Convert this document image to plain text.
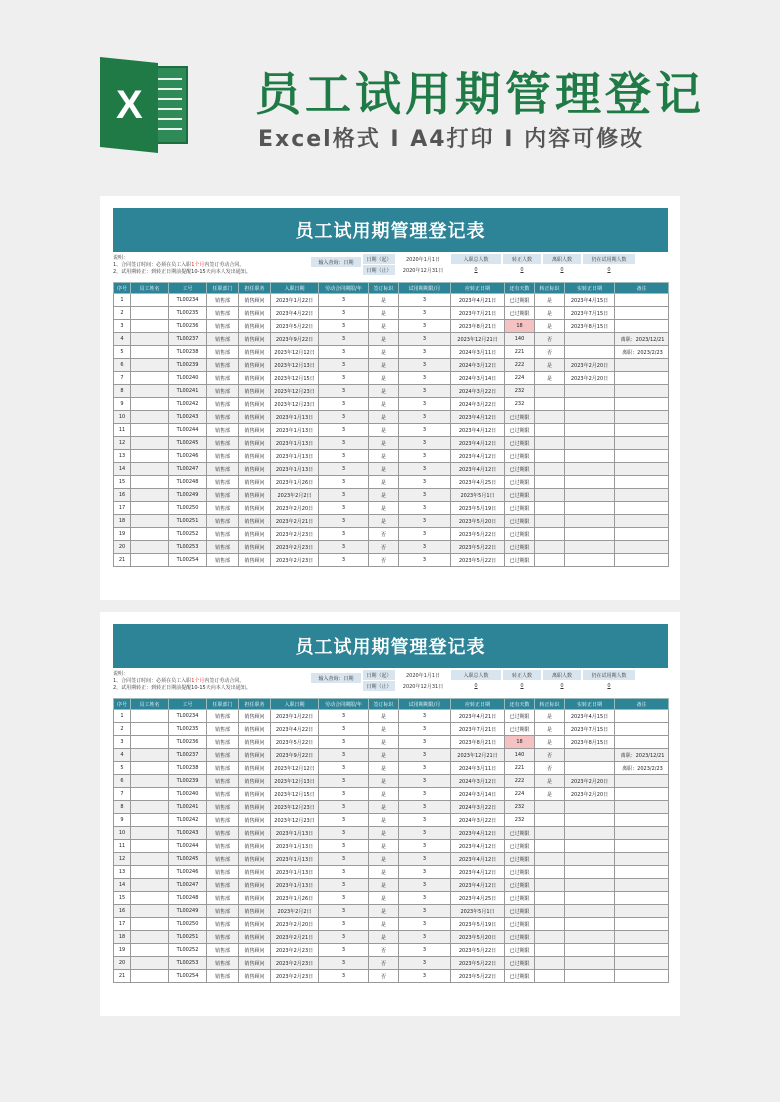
X 员工试用期管理登记
Excel格式 I A4打印 I 内容可修改
员工试用期管理登记表
说明：
1、合同签订时间：必须在员工入职1个月内签订劳动合同。
2、试用期转正：到转正日期前提醒10-15天向本人发出通知。
输入查询：日期	日期（起）
日期（止）
2020年1月1日
2020年12月31日
入职总人数
0
转正人数
0
离职人数
0
仍在试用期人数
0
序号	员工姓名	工号	任职部门	担任职务	入职日期	劳动合同期限/年	签订标识	试用期期限/月	应转正日期	还有天数	转正标识	实转正日期	备注
1		TL00234	销售部	销售顾问	2023年1月22日	3	是	3	2023年4月21日	已过期限	是	2023年4月15日	
2		TL00235	销售部	销售顾问	2023年4月22日	3	是	3	2023年7月21日	已过期限	是	2023年7月15日	
3		TL00236	销售部	销售顾问	2023年5月22日	3	是	3	2023年8月21日	18	是	2023年8月15日	
4		TL00237	销售部	销售顾问	2023年9月22日	3	是	3	2023年12月21日	140	否		离职：2023/12/21
5		TL00238	销售部	销售顾问	2023年12月12日	3	是	3	2024年3月11日	221	否		离职：2023/2/23
6		TL00239	销售部	销售顾问	2023年12月13日	3	是	3	2024年3月12日	222	是	2023年2月20日	
7		TL00240	销售部	销售顾问	2023年12月15日	3	是	3	2024年3月14日	224	是	2023年2月20日	
8		TL00241	销售部	销售顾问	2023年12月23日	3	是	3	2024年3月22日	232			
9		TL00242	销售部	销售顾问	2023年12月23日	3	是	3	2024年3月22日	232			
10		TL00243	销售部	销售顾问	2023年1月13日	3	是	3	2023年4月12日	已过期限			
11		TL00244	销售部	销售顾问	2023年1月13日	3	是	3	2023年4月12日	已过期限			
12		TL00245	销售部	销售顾问	2023年1月13日	3	是	3	2023年4月12日	已过期限			
13		TL00246	销售部	销售顾问	2023年1月13日	3	是	3	2023年4月12日	已过期限			
14		TL00247	销售部	销售顾问	2023年1月13日	3	是	3	2023年4月12日	已过期限			
15		TL00248	销售部	销售顾问	2023年1月26日	3	是	3	2023年4月25日	已过期限			
16		TL00249	销售部	销售顾问	2023年2月2日	3	是	3	2023年5月1日	已过期限			
17		TL00250	销售部	销售顾问	2023年2月20日	3	是	3	2023年5月19日	已过期限			
18		TL00251	销售部	销售顾问	2023年2月21日	3	是	3	2023年5月20日	已过期限			
19		TL00252	销售部	销售顾问	2023年2月23日	3	否	3	2023年5月22日	已过期限			
20		TL00253	销售部	销售顾问	2023年2月23日	3	否	3	2023年5月22日	已过期限			
21		TL00254	销售部	销售顾问	2023年2月23日	3	否	3	2023年5月22日	已过期限			
员工试用期管理登记表
说明：
1、合同签订时间：必须在员工入职1个月内签订劳动合同。
2、试用期转正：到转正日期前提醒10-15天向本人发出通知。
输入查询：日期	日期（起）
日期（止）
2020年1月1日
2020年12月31日
入职总人数
0
转正人数
0
离职人数
0
仍在试用期人数
0
序号	员工姓名	工号	任职部门	担任职务	入职日期	劳动合同期限/年	签订标识	试用期期限/月	应转正日期	还有天数	转正标识	实转正日期	备注
1		TL00234	销售部	销售顾问	2023年1月22日	3	是	3	2023年4月21日	已过期限	是	2023年4月15日	
2		TL00235	销售部	销售顾问	2023年4月22日	3	是	3	2023年7月21日	已过期限	是	2023年7月15日	
3		TL00236	销售部	销售顾问	2023年5月22日	3	是	3	2023年8月21日	18	是	2023年8月15日	
4		TL00237	销售部	销售顾问	2023年9月22日	3	是	3	2023年12月21日	140	否		离职：2023/12/21
5		TL00238	销售部	销售顾问	2023年12月12日	3	是	3	2024年3月11日	221	否		离职：2023/2/23
6		TL00239	销售部	销售顾问	2023年12月13日	3	是	3	2024年3月12日	222	是	2023年2月20日	
7		TL00240	销售部	销售顾问	2023年12月15日	3	是	3	2024年3月14日	224	是	2023年2月20日	
8		TL00241	销售部	销售顾问	2023年12月23日	3	是	3	2024年3月22日	232			
9		TL00242	销售部	销售顾问	2023年12月23日	3	是	3	2024年3月22日	232			
10		TL00243	销售部	销售顾问	2023年1月13日	3	是	3	2023年4月12日	已过期限			
11		TL00244	销售部	销售顾问	2023年1月13日	3	是	3	2023年4月12日	已过期限			
12		TL00245	销售部	销售顾问	2023年1月13日	3	是	3	2023年4月12日	已过期限			
13		TL00246	销售部	销售顾问	2023年1月13日	3	是	3	2023年4月12日	已过期限			
14		TL00247	销售部	销售顾问	2023年1月13日	3	是	3	2023年4月12日	已过期限			
15		TL00248	销售部	销售顾问	2023年1月26日	3	是	3	2023年4月25日	已过期限			
16		TL00249	销售部	销售顾问	2023年2月2日	3	是	3	2023年5月1日	已过期限			
17		TL00250	销售部	销售顾问	2023年2月20日	3	是	3	2023年5月19日	已过期限			
18		TL00251	销售部	销售顾问	2023年2月21日	3	是	3	2023年5月20日	已过期限			
19		TL00252	销售部	销售顾问	2023年2月23日	3	否	3	2023年5月22日	已过期限			
20		TL00253	销售部	销售顾问	2023年2月23日	3	否	3	2023年5月22日	已过期限			
21		TL00254	销售部	销售顾问	2023年2月23日	3	否	3	2023年5月22日	已过期限			
